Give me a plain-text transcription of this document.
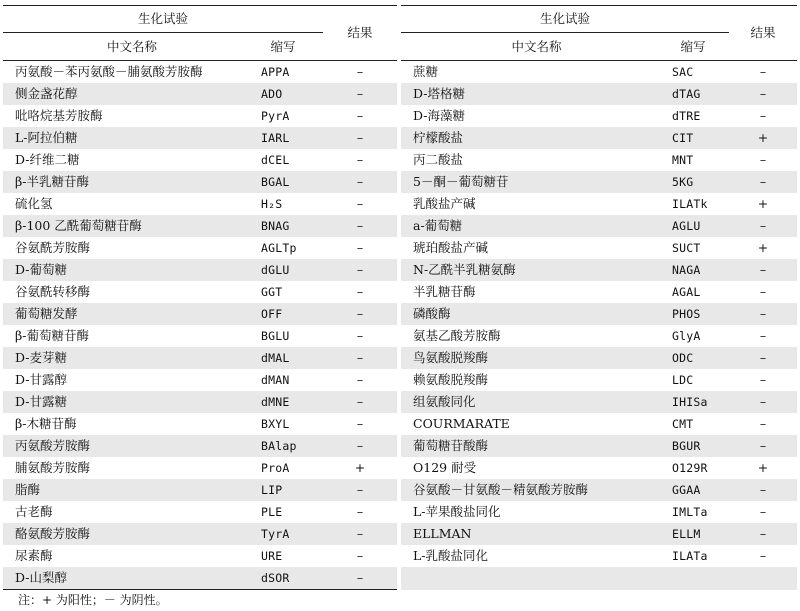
生化试验
中文名称	缩写
结果
丙氨酸－苯丙氨酸－脯氨酸芳胺酶	APPA	–
侧金盏花醇	ADO	–
吡咯烷基芳胺酶	PyrA	–
L-阿拉伯糖	IARL	–
D-纤维二糖	dCEL	–
β-半乳糖苷酶	BGAL	–
硫化氢	H₂S	–
β-100 乙酰葡萄糖苷酶	BNAG	–
谷氨酰芳胺酶	AGLTp	–
D-葡萄糖	dGLU	–
谷氨酰转移酶	GGT	–
葡萄糖发酵	OFF	–
β-葡萄糖苷酶	BGLU	–
D-麦芽糖	dMAL	–
D-甘露醇	dMAN	–
D-甘露糖	dMNE	–
β-木糖苷酶	BXYL	–
丙氨酸芳胺酶	BAlap	–
脯氨酸芳胺酶	ProA	+
脂酶	LIP	–
古老酶	PLE	–
酪氨酸芳胺酶	TyrA	–
尿素酶	URE	–
D-山梨醇	dSOR	–
生化试验
中文名称	缩写
结果
蔗糖	SAC	–
D-塔格糖	dTAG	–
D-海藻糖	dTRE	–
柠檬酸盐	CIT	+
丙二酸盐	MNT	–
5－酮－葡萄糖苷	5KG	–
乳酸盐产碱	ILATk	+
a-葡萄糖	AGLU	–
琥珀酸盐产碱	SUCT	+
N-乙酰半乳糖氨酶	NAGA	–
半乳糖苷酶	AGAL	–
磷酸酶	PHOS	–
氨基乙酸芳胺酶	GlyA	–
鸟氨酸脱羧酶	ODC	–
赖氨酸脱羧酶	LDC	–
组氨酸同化	IHISa	–
COURMARATE	CMT	–
葡萄糖苷酸酶	BGUR	–
O129 耐受	O129R	+
谷氨酸－甘氨酸－精氨酸芳胺酶	GGAA	–
L-苹果酸盐同化	IMLTa	–
ELLMAN	ELLM	–
L-乳酸盐同化	ILATa	–
注：+ 为阳性；－ 为阴性。
